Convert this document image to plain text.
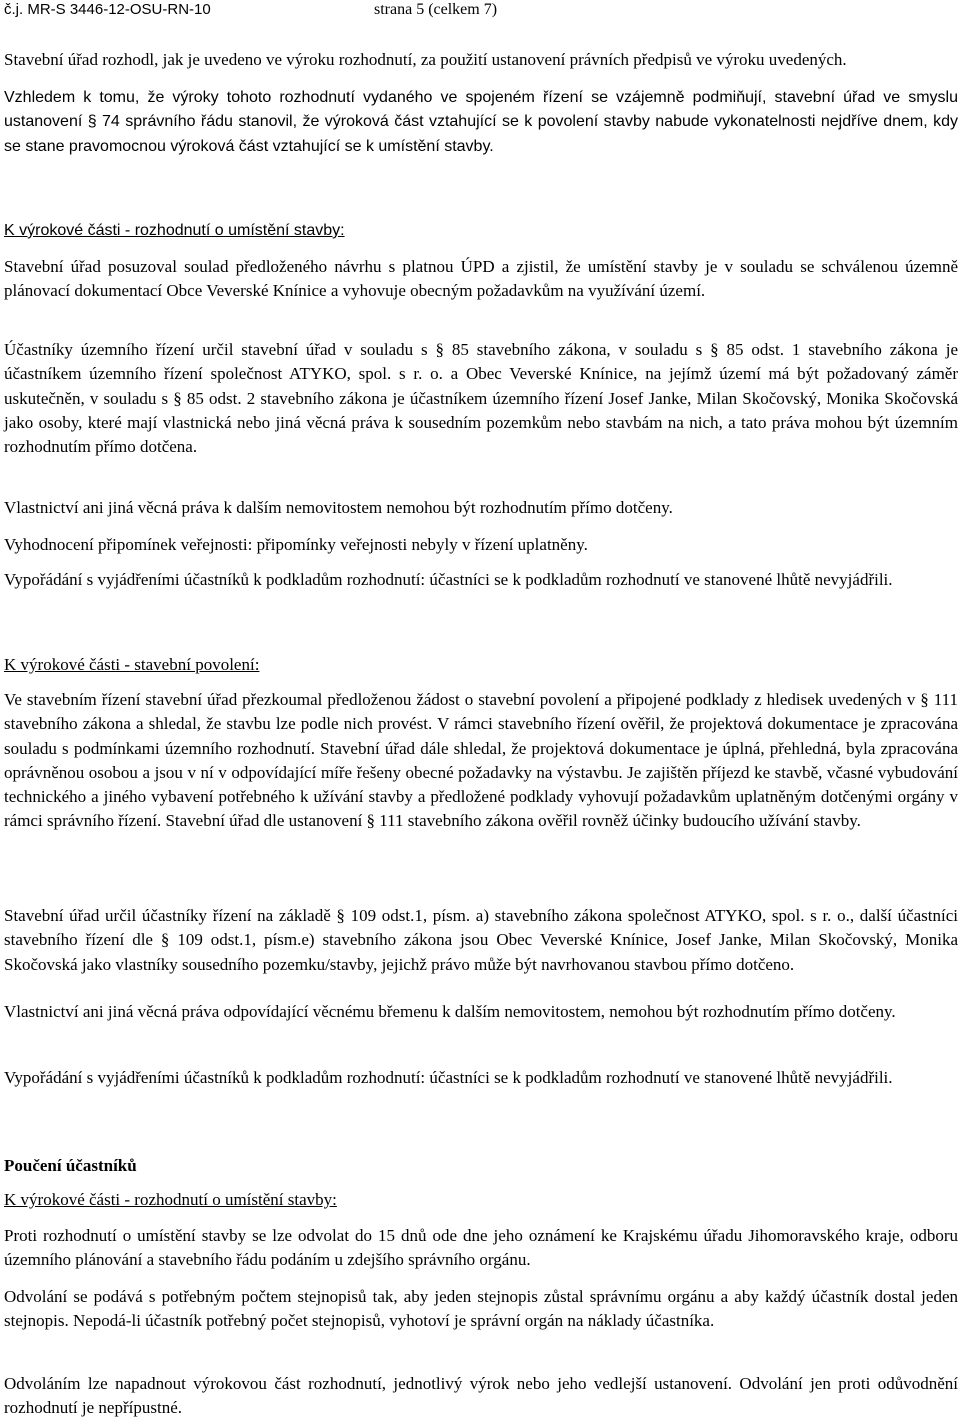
č.j. MR-S 3446-12-OSU-RN-10	strana 5 (celkem 7)

Stavební úřad rozhodl, jak je uvedeno ve výroku rozhodnutí, za použití ustanovení právních předpisů ve výroku uvedených.

Vzhledem k tomu, že výroky tohoto rozhodnutí vydaného ve spojeném řízení se vzájemně podmiňují, stavební úřad ve smyslu ustanovení § 74 správního řádu stanovil, že výroková část vztahující se k povolení stavby nabude vykonatelnosti nejdříve dnem, kdy se stane pravomocnou výroková část vztahující se k umístění stavby.

K výrokové části - rozhodnutí o umístění stavby:

Stavební úřad posuzoval soulad předloženého návrhu s platnou ÚPD a zjistil, že umístění stavby je v souladu se schválenou územně plánovací dokumentací Obce Veverské Knínice a vyhovuje obecným požadavkům na využívání území.

Účastníky územního řízení určil stavební úřad v souladu s § 85 stavebního zákona, v souladu s § 85 odst. 1 stavebního zákona je účastníkem územního řízení společnost ATYKO, spol. s r. o. a Obec Veverské Knínice, na jejímž území má být požadovaný záměr uskutečněn, v souladu s § 85 odst. 2 stavebního zákona je účastníkem územního řízení Josef Janke, Milan Skočovský, Monika Skočovská jako osoby, které mají vlastnická nebo jiná věcná práva k sousedním pozemkům nebo stavbám na nich, a tato práva mohou být územním rozhodnutím přímo dotčena.

Vlastnictví ani jiná věcná práva k dalším nemovitostem nemohou být rozhodnutím přímo dotčeny.

Vyhodnocení připomínek veřejnosti: připomínky veřejnosti nebyly v řízení uplatněny.

Vypořádání s vyjádřeními účastníků k podkladům rozhodnutí: účastníci se k podkladům rozhodnutí ve stanovené lhůtě nevyjádřili.

K výrokové části - stavební povolení:

Ve stavebním řízení stavební úřad přezkoumal předloženou žádost o stavební povolení a připojené podklady z hledisek uvedených v § 111 stavebního zákona a shledal, že stavbu lze podle nich provést. V rámci stavebního řízení ověřil, že projektová dokumentace je zpracována souladu s podmínkami územního rozhodnutí. Stavební úřad dále shledal, že projektová dokumentace je úplná, přehledná, byla zpracována oprávněnou osobou a jsou v ní v odpovídající míře řešeny obecné požadavky na výstavbu. Je zajištěn příjezd ke stavbě, včasné vybudování technického a jiného vybavení potřebného k užívání stavby a předložené podklady vyhovují požadavkům uplatněným dotčenými orgány v rámci správního řízení. Stavební úřad dle ustanovení § 111 stavebního zákona ověřil rovněž účinky budoucího užívání stavby.

Stavební úřad určil účastníky řízení na základě § 109 odst.1, písm. a) stavebního zákona společnost ATYKO, spol. s r. o., další účastníci stavebního řízení dle § 109 odst.1, písm.e) stavebního zákona jsou Obec Veverské Knínice, Josef Janke, Milan Skočovský, Monika Skočovská jako vlastníky sousedního pozemku/stavby, jejichž právo může být navrhovanou stavbou přímo dotčeno.

Vlastnictví ani jiná věcná práva odpovídající věcnému břemenu k dalším nemovitostem, nemohou být rozhodnutím přímo dotčeny.

Vypořádání s vyjádřeními účastníků k podkladům rozhodnutí: účastníci se k podkladům rozhodnutí ve stanovené lhůtě nevyjádřili.

Poučení účastníků

K výrokové části - rozhodnutí o umístění stavby:

Proti rozhodnutí o umístění stavby se lze odvolat do 15 dnů ode dne jeho oznámení ke Krajskému úřadu Jihomoravského kraje, odboru územního plánování a stavebního řádu podáním u zdejšího správního orgánu.

Odvolání se podává s potřebným počtem stejnopisů tak, aby jeden stejnopis zůstal správnímu orgánu a aby každý účastník dostal jeden stejnopis. Nepodá-li účastník potřebný počet stejnopisů, vyhotoví je správní orgán na náklady účastníka.

Odvoláním lze napadnout výrokovou část rozhodnutí, jednotlivý výrok nebo jeho vedlejší ustanovení. Odvolání jen proti odůvodnění rozhodnutí je nepřípustné.
